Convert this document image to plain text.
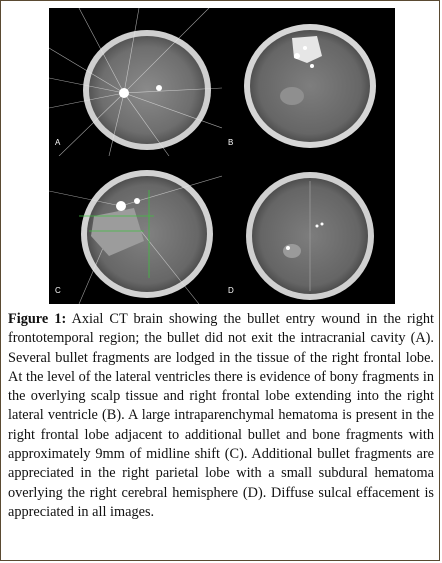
A	B
C	D
Figure 1: Axial CT brain showing the bullet entry wound in the right frontotemporal region; the bullet did not exit the intracranial cavity (A). Several bullet fragments are lodged in the tissue of the right frontal lobe. At the level of the lateral ventricles there is evidence of bony fragments in the overlying scalp tissue and right frontal lobe extending into the right lateral ventricle (B). A large intraparenchymal hematoma is present in the right frontal lobe adjacent to additional bullet and bone fragments with approximately 9mm of midline shift (C). Additional bullet fragments are appreciated in the right parietal lobe with a small subdural hematoma overlying the right cerebral hemisphere (D). Diffuse sulcal effacement is appreciated in all images.
